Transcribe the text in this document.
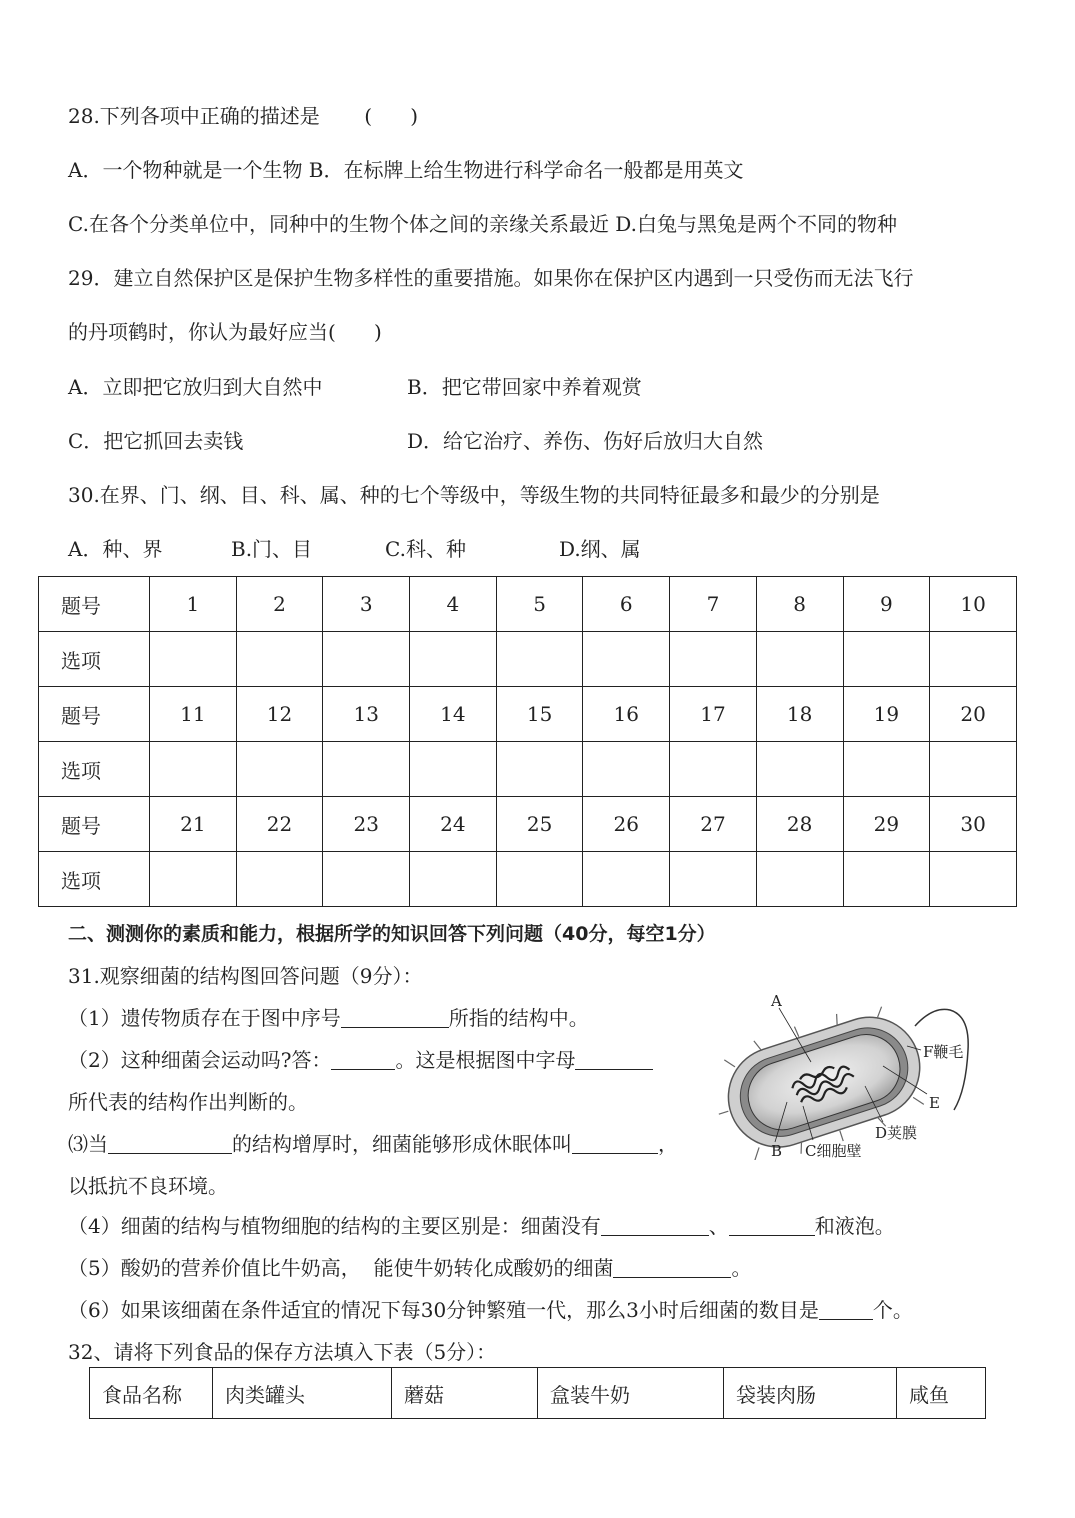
28.下列各项中正确的描述是       (      )
A．一个物种就是一个生物 B．在标牌上给生物进行科学命名一般都是用英文
C.在各个分类单位中，同种中的生物个体之间的亲缘关系最近 D.白兔与黑兔是两个不同的物种
29．建立自然保护区是保护生物多样性的重要措施。如果你在保护区内遇到一只受伤而无法飞行
的丹项鹤时，你认为最好应当(      )
A．立即把它放归到大自然中	B．把它带回家中养着观赏
C．把它抓回去卖钱	D．给它治疗、养伤、伤好后放归大自然
30.在界、门、纲、目、科、属、种的七个等级中，等级生物的共同特征最多和最少的分别是
A．种、界	B.门、目	C.科、种	D.纲、属
题号	1	2	3	4	5	6	7	8	9	10
选项										
题号	11	12	13	14	15	16	17	18	19	20
选项										
题号	21	22	23	24	25	26	27	28	29	30
选项										
二、测测你的素质和能力，根据所学的知识回答下列问题（40分，每空1分）
31.观察细菌的结构图回答问题（9分）：
（1）遗传物质存在于图中序号	所指的结构中。
（2）这种细菌会运动吗?答：	。这是根据图中字母
所代表的结构作出判断的。
⑶当	的结构增厚时，细菌能够形成休眠体叫	，
以抵抗不良环境。
（4）细菌的结构与植物细胞的结构的主要区别是：细菌没有	、	和液泡。
（5）酸奶的营养价值比牛奶高，  能使牛奶转化成酸奶的细菌	。
（6）如果该细菌在条件适宜的情况下每30分钟繁殖一代，那么3小时后细菌的数目是	个。
A
B C细胞壁
D荚膜
E
F鞭毛
32、请将下列食品的保存方法填入下表（5分）：
食品名称	肉类罐头	蘑菇	盒装牛奶	袋装肉肠	咸鱼
